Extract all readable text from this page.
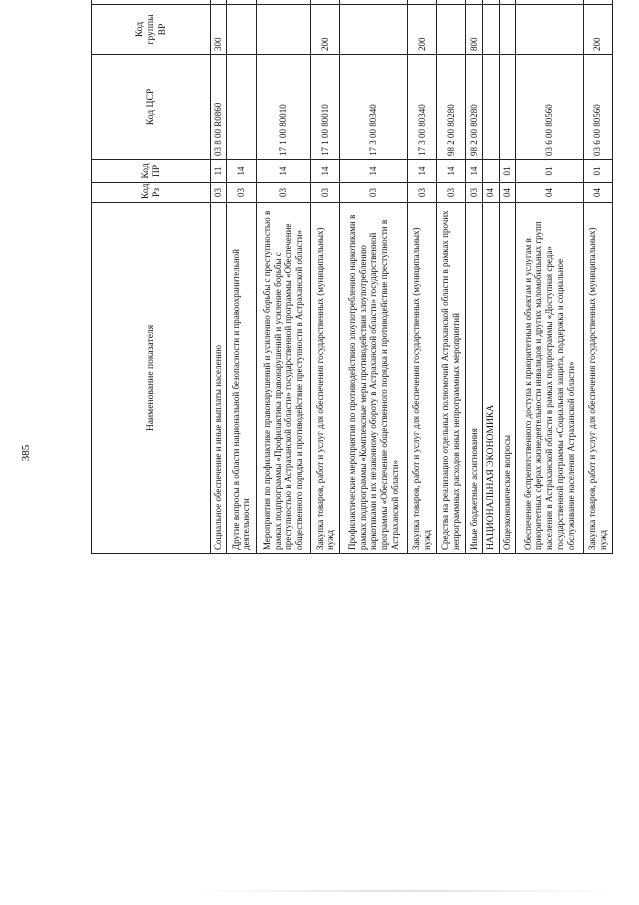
385
Наименование показателя	Код Рз	Код ПР	Код ЦСР	Код группы ВР		
Социальное обеспечение и иные выплаты населению	03	11	03 8 00 R0860	300		
Другие вопросы в области национальной безопасности и правоохранительной деятельности	03	14				
Мероприятия по профилактике правонарушений и усилению борьбы с преступностью в рамках подпрограммы «Профилактика правонарушений и усиление борьбы с преступностью в Астраханской области» государственной программы «Обеспечение общественного порядка и противодействие преступности в Астраханской области»	03	14	17 1 00 80010			
Закупка товаров, работ и услуг для обеспечения государственных (муниципальных) нужд	03	14	17 1 00 80010	200		
Профилактические мероприятия по противодействию злоупотреблению наркотиками в рамках подпрограммы «Комплексные меры противодействия злоупотреблению наркотиками и их незаконному обороту в Астраханской области» государственной программы «Обеспечение общественного порядка и противодействие преступности в Астраханской области»	03	14	17 3 00 80340			
Закупка товаров, работ и услуг для обеспечения государственных (муниципальных) нужд	03	14	17 3 00 80340	200		
Средства на реализацию отдельных полномочий Астраханской области в рамках прочих непрограммных расходов иных непрограммных мероприятий	03	14	98 2 00 80280			
Иные бюджетные ассигнования	03	14	98 2 00 80280	800		
НАЦИОНАЛЬНАЯ ЭКОНОМИКА	04					
Общеэкономические вопросы	04	01				
Обеспечение беспрепятственного доступа к приоритетным объектам и услугам в приоритетных сферах жизнедеятельности инвалидов и других маломобильных групп населения в Астраханской области в рамках подпрограммы «Доступная среда» государственной программы «Социальная защита, поддержка и социальное обслуживание населения Астраханской области»	04	01	03 6 00 80560			
Закупка товаров, работ и услуг для обеспечения государственных (муниципальных) нужд	04	01	03 6 00 80560	200		
